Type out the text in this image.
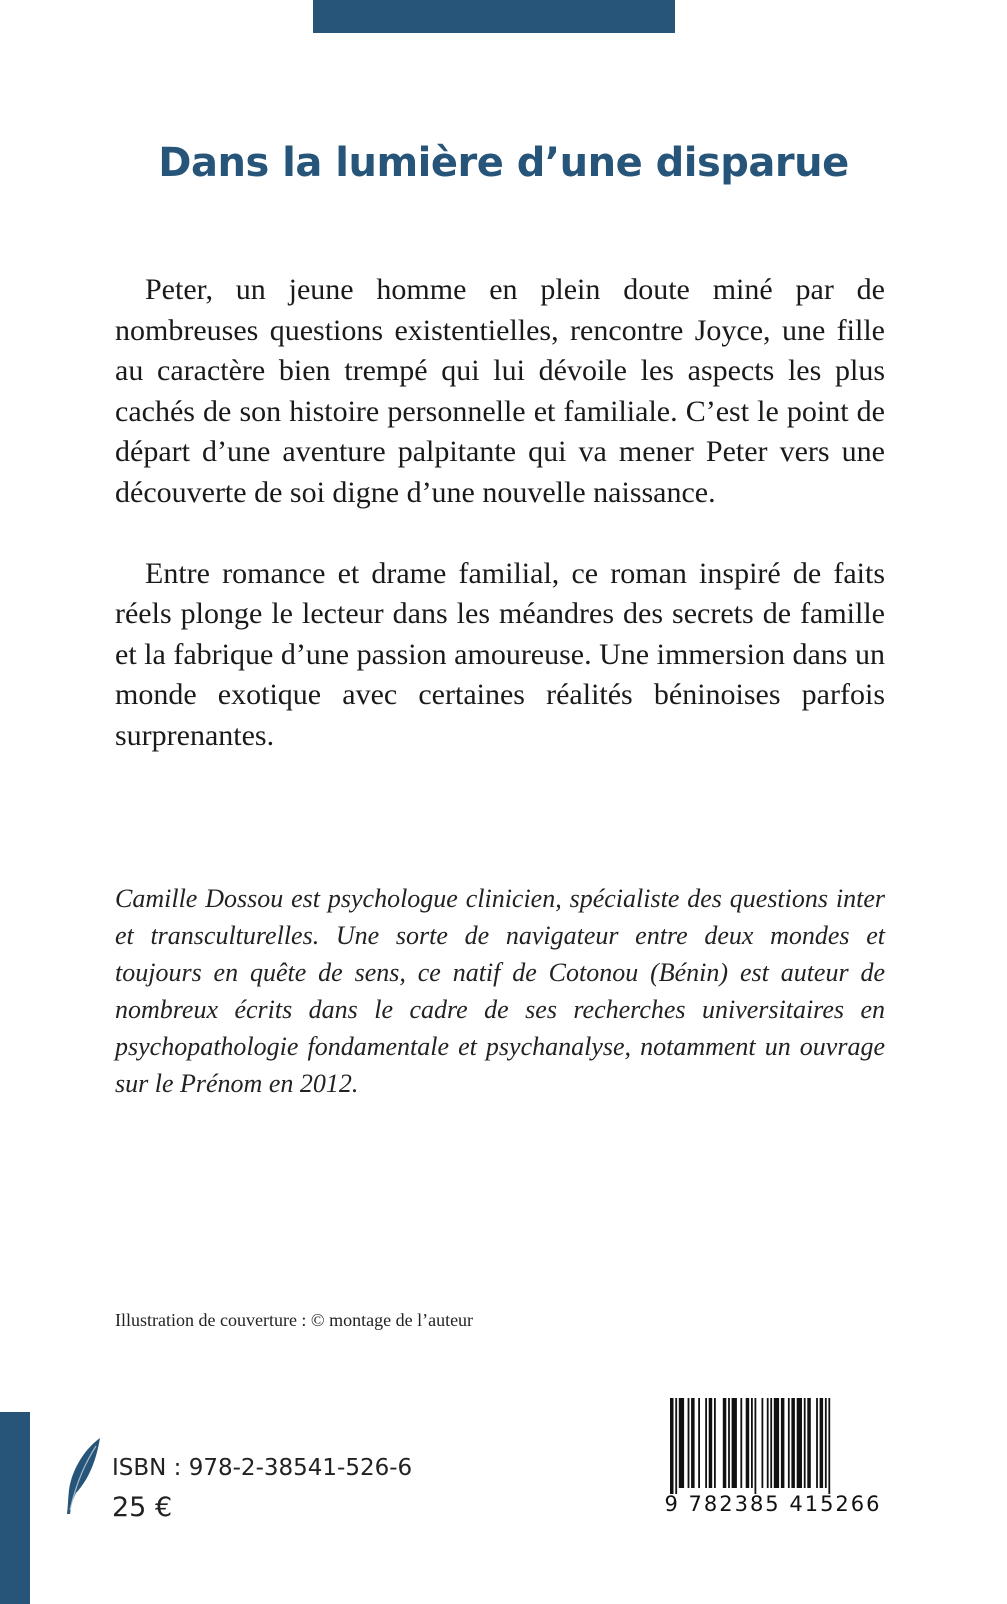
Dans la lumière d’une disparue

Peter, un jeune homme en plein doute miné par de nombreuses questions existentielles, rencontre Joyce, une fille au caractère bien trempé qui lui dévoile les aspects les plus cachés de son histoire personnelle et familiale. C’est le point de départ d’une aventure palpitante qui va mener Peter vers une découverte de soi digne d’une nouvelle naissance.

Entre romance et drame familial, ce roman inspiré de faits réels plonge le lecteur dans les méandres des secrets de famille et la fabrique d’une passion amoureuse. Une immersion dans un monde exotique avec certaines réalités béninoises parfois surprenantes.

Camille Dossou est psychologue clinicien, spécialiste des questions inter et transculturelles. Une sorte de navigateur entre deux mondes et toujours en quête de sens, ce natif de Cotonou (Bénin) est auteur de nombreux écrits dans le cadre de ses recherches universitaires en psychopathologie fondamentale et psychanalyse, notamment un ouvrage sur le Prénom en 2012.

Illustration de couverture : © montage de l’auteur

ISBN : 978-2-38541-526-6

25 €	9 782385 415266
